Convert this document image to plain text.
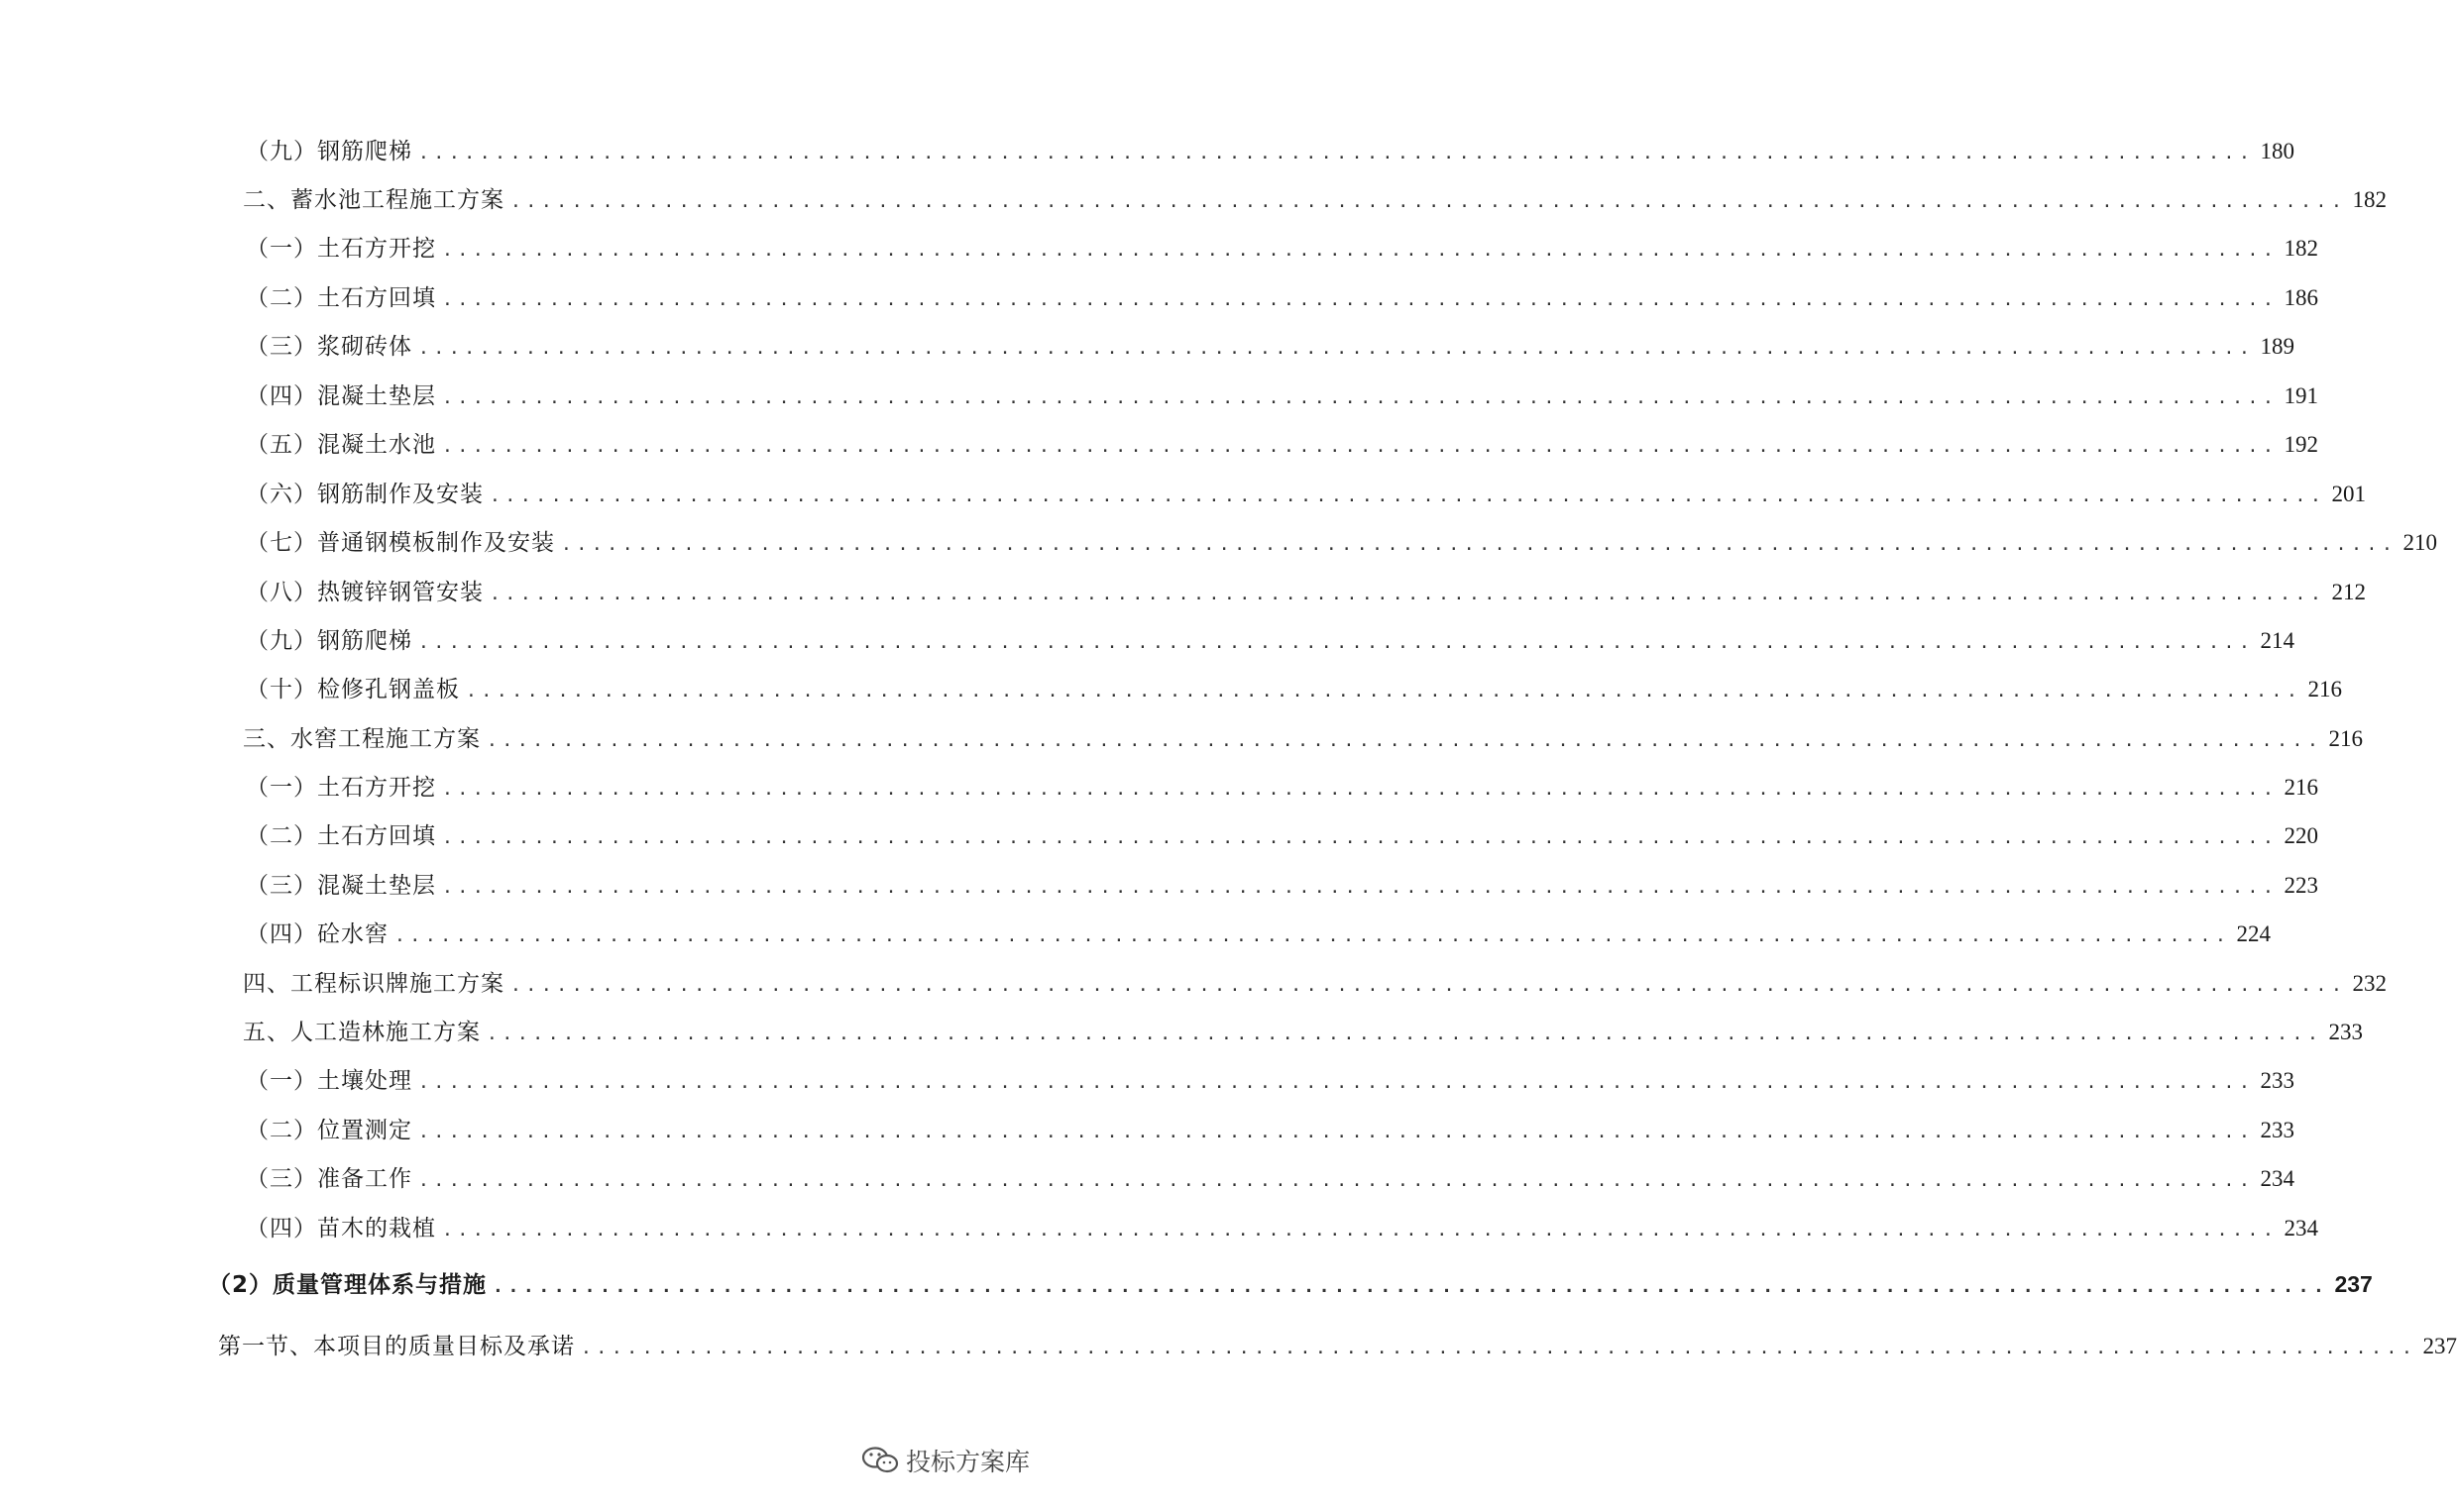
（九）钢筋爬梯 ........................................................................................................................ 180
二、蓄水池工程施工方案 ........................................................................................................................ 182
（一）土石方开挖 ........................................................................................................................ 182
（二）土石方回填 ........................................................................................................................ 186
（三）浆砌砖体 ........................................................................................................................ 189
（四）混凝土垫层 ........................................................................................................................ 191
（五）混凝土水池 ........................................................................................................................ 192
（六）钢筋制作及安装 ........................................................................................................................ 201
（七）普通钢模板制作及安装 ........................................................................................................................ 210
（八）热镀锌钢管安装 ........................................................................................................................ 212
（九）钢筋爬梯 ........................................................................................................................ 214
（十）检修孔钢盖板 ........................................................................................................................ 216
三、水窖工程施工方案 ........................................................................................................................ 216
（一）土石方开挖 ........................................................................................................................ 216
（二）土石方回填 ........................................................................................................................ 220
（三）混凝土垫层 ........................................................................................................................ 223
（四）砼水窖 ........................................................................................................................ 224
四、工程标识牌施工方案 ........................................................................................................................ 232
五、人工造林施工方案 ........................................................................................................................ 233
（一）土壤处理 ........................................................................................................................ 233
（二）位置测定 ........................................................................................................................ 233
（三）准备工作 ........................................................................................................................ 234
（四）苗木的栽植 ........................................................................................................................ 234
（2）质量管理体系与措施 ........................................................................................................................ 237
第一节、本项目的质量目标及承诺 ........................................................................................................................ 237
投标方案库
